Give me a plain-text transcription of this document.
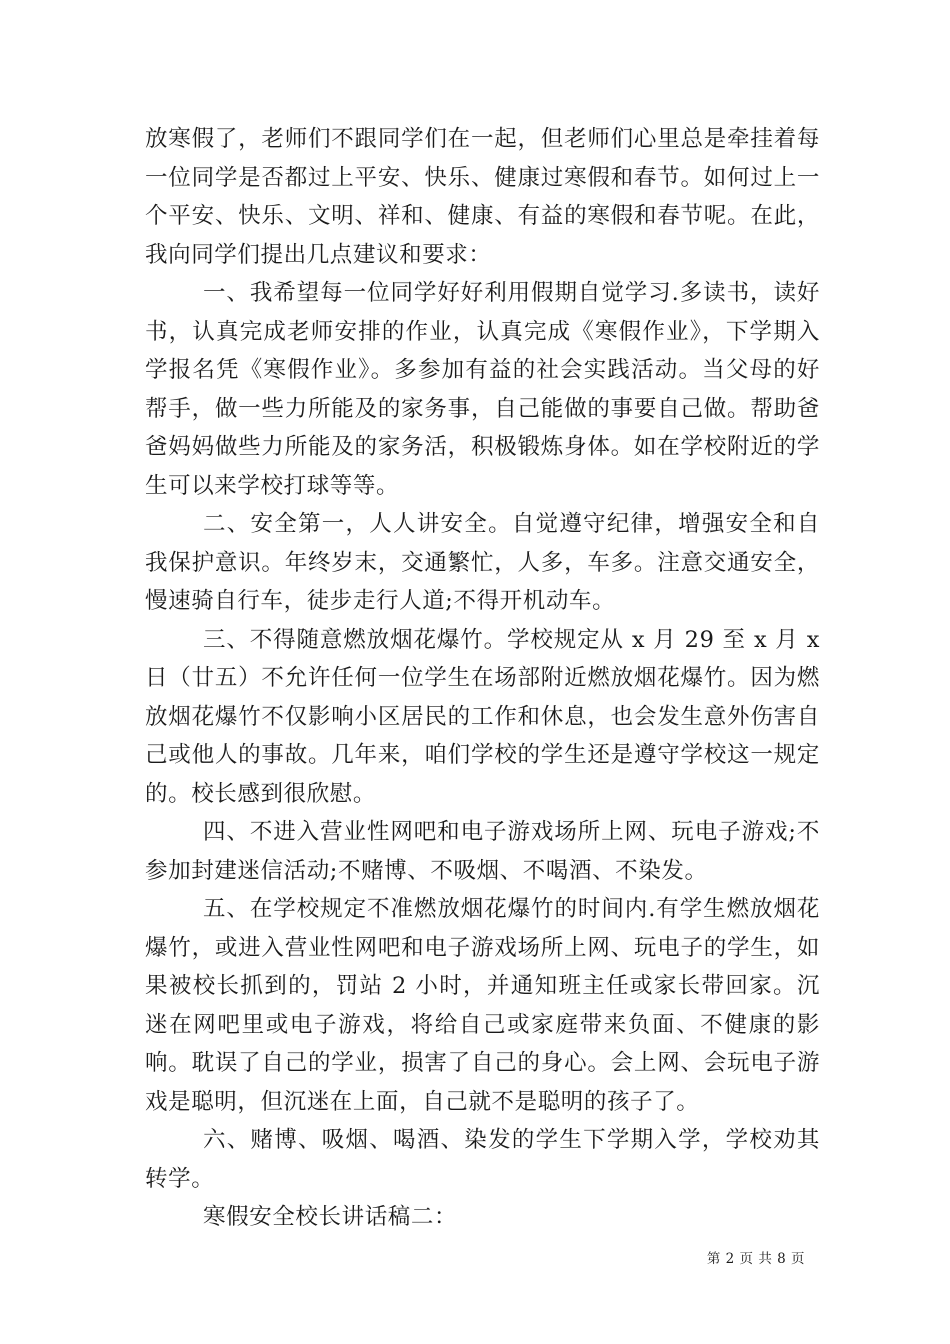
放寒假了，老师们不跟同学们在一起，但老师们心里总是牵挂着每一位同学是否都过上平安、快乐、健康过寒假和春节。如何过上一个平安、快乐、文明、祥和、健康、有益的寒假和春节呢。在此，我向同学们提出几点建议和要求：

一、我希望每一位同学好好利用假期自觉学习.多读书，读好书，认真完成老师安排的作业，认真完成《寒假作业》，下学期入学报名凭《寒假作业》。多参加有益的社会实践活动。当父母的好帮手，做一些力所能及的家务事，自己能做的事要自己做。帮助爸爸妈妈做些力所能及的家务活，积极锻炼身体。如在学校附近的学生可以来学校打球等等。

二、安全第一，人人讲安全。自觉遵守纪律，增强安全和自我保护意识。年终岁末，交通繁忙，人多，车多。注意交通安全，慢速骑自行车，徒步走行人道;不得开机动车。

三、不得随意燃放烟花爆竹。学校规定从 x 月 29 至 x 月 x 日（廿五）不允许任何一位学生在场部附近燃放烟花爆竹。因为燃放烟花爆竹不仅影响小区居民的工作和休息，也会发生意外伤害自己或他人的事故。几年来，咱们学校的学生还是遵守学校这一规定的。校长感到很欣慰。

四、不进入营业性网吧和电子游戏场所上网、玩电子游戏;不参加封建迷信活动;不赌博、不吸烟、不喝酒、不染发。

五、在学校规定不准燃放烟花爆竹的时间内.有学生燃放烟花爆竹，或进入营业性网吧和电子游戏场所上网、玩电子的学生，如果被校长抓到的，罚站 2 小时，并通知班主任或家长带回家。沉迷在网吧里或电子游戏，将给自己或家庭带来负面、不健康的影响。耽误了自己的学业，损害了自己的身心。会上网、会玩电子游戏是聪明，但沉迷在上面，自己就不是聪明的孩子了。

六、赌博、吸烟、喝酒、染发的学生下学期入学，学校劝其转学。

寒假安全校长讲话稿二：

第 2 页 共 8 页
